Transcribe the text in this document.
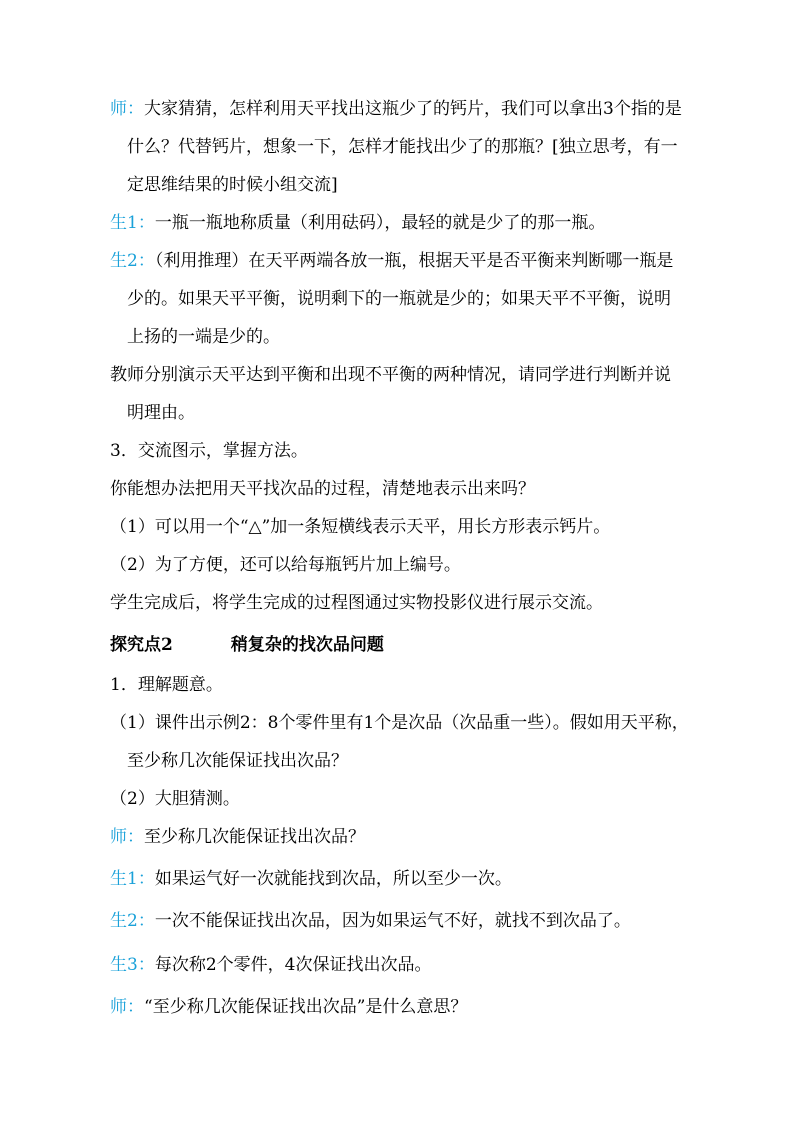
师：大家猜猜，怎样利用天平找出这瓶少了的钙片，我们可以拿出3个指的是
什么？代替钙片，想象一下，怎样才能找出少了的那瓶？[独立思考，有一
定思维结果的时候小组交流]
生1：一瓶一瓶地称质量（利用砝码），最轻的就是少了的那一瓶。
生2：（利用推理）在天平两端各放一瓶，根据天平是否平衡来判断哪一瓶是
少的。如果天平平衡，说明剩下的一瓶就是少的；如果天平不平衡，说明
上扬的一端是少的。
教师分别演示天平达到平衡和出现不平衡的两种情况，请同学进行判断并说
明理由。
3．交流图示，掌握方法。
你能想办法把用天平找次品的过程，清楚地表示出来吗？
（1）可以用一个“△”加一条短横线表示天平，用长方形表示钙片。
（2）为了方便，还可以给每瓶钙片加上编号。
学生完成后，将学生完成的过程图通过实物投影仪进行展示交流。
探究点2	稍复杂的找次品问题
1．理解题意。
（1）课件出示例2：8个零件里有1个是次品（次品重一些）。假如用天平称，
至少称几次能保证找出次品？
（2）大胆猜测。
师：至少称几次能保证找出次品？
生1：如果运气好一次就能找到次品，所以至少一次。
生2：一次不能保证找出次品，因为如果运气不好，就找不到次品了。
生3：每次称2个零件，4次保证找出次品。
师：“至少称几次能保证找出次品”是什么意思？
